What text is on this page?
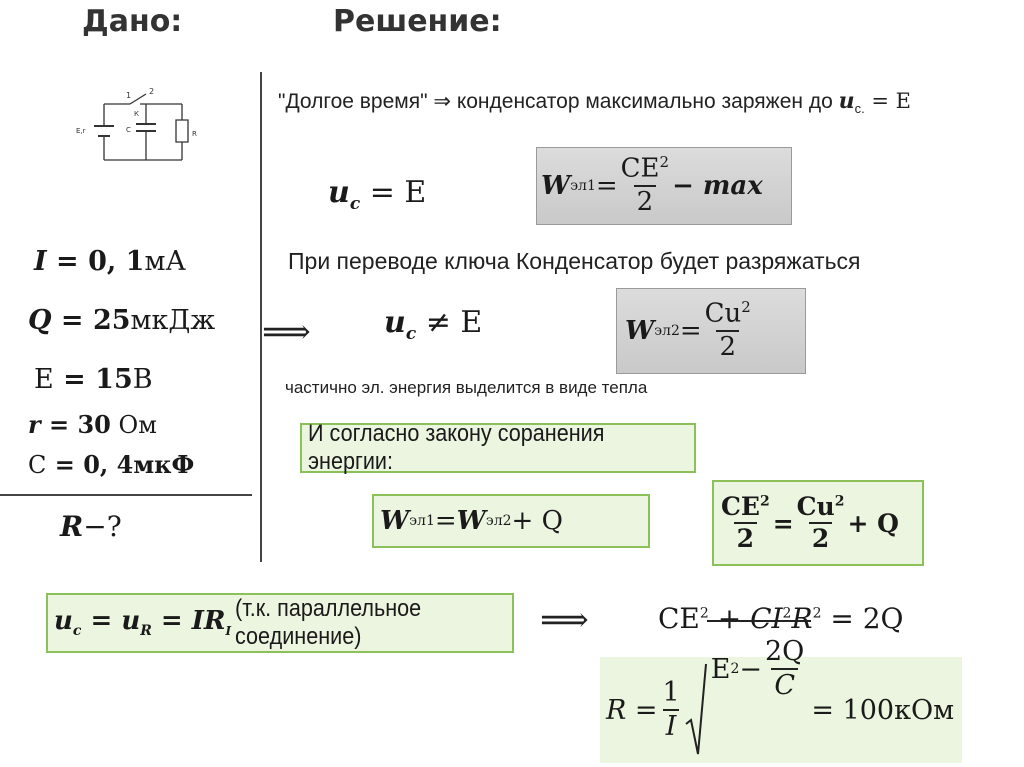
Дано:	Решение:
1 2
К
Е,r	С	R
I = 0, 1мА
Q = 25мкДж
E = 15В
r = 30 Ом
C = 0, 4мкФ
R−?
"Долгое время" ⇒ конденсатор максимально заряжен до $u_{c.} = E$
$u_c = E$	W $эл1 = \frac{CE^2}{2} - \max$
При переводе ключа Конденсатор будет разряжаться
⟹ $u_c \ne E$	W $эл2 = \frac{Cu^2}{2}$
частично эл. энергия выделится в виде тепла
И согласно закону сорaнения энергии:
W эл1 = W эл2 + Q	$\frac{CE^2}{2} = \frac{Cu^2}{2} + Q$
$u_c = u_R = IR_I$
(т.к. параллельное соединение)	⟹ $CE^2 + CI^2R^2 = 2Q$
$R = \frac{1}{I}$
E $2 - \frac{2Q}{C}$
= 100кОм
